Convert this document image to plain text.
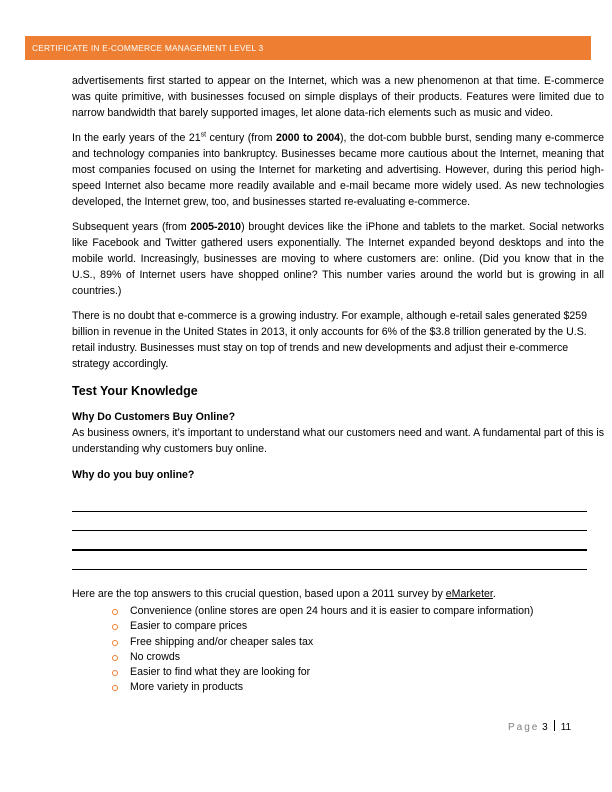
CERTIFICATE IN E-COMMERCE MANAGEMENT LEVEL 3

advertisements first started to appear on the Internet, which was a new phenomenon at that time. E-commerce was quite primitive, with businesses focused on simple displays of their products. Features were limited due to narrow bandwidth that barely supported images, let alone data-rich elements such as music and video.

In the early years of the 21st century (from 2000 to 2004), the dot-com bubble burst, sending many e-commerce and technology companies into bankruptcy. Businesses became more cautious about the Internet, meaning that most companies focused on using the Internet for marketing and advertising. However, during this period high-speed Internet also became more readily available and e-mail became more widely used. As new technologies developed, the Internet grew, too, and businesses started re-evaluating e-commerce.

Subsequent years (from 2005-2010) brought devices like the iPhone and tablets to the market. Social networks like Facebook and Twitter gathered users exponentially. The Internet expanded beyond desktops and into the mobile world. Increasingly, businesses are moving to where customers are: online. (Did you know that in the U.S., 89% of Internet users have shopped online? This number varies around the world but is growing in all countries.)

There is no doubt that e-commerce is a growing industry. For example, although e-retail sales generated $259 billion in revenue in the United States in 2013, it only accounts for 6% of the $3.8 trillion generated by the U.S. retail industry. Businesses must stay on top of trends and new developments and adjust their e-commerce strategy accordingly.

Test Your Knowledge

Why Do Customers Buy Online?

As business owners, it’s important to understand what our customers need and want. A fundamental part of this is understanding why customers buy online.

Why do you buy online?

Here are the top answers to this crucial question, based upon a 2011 survey by eMarketer.

Convenience (online stores are open 24 hours and it is easier to compare information)
Easier to compare prices
Free shipping and/or cheaper sales tax
No crowds
Easier to find what they are looking for
More variety in products
Page 3 11
